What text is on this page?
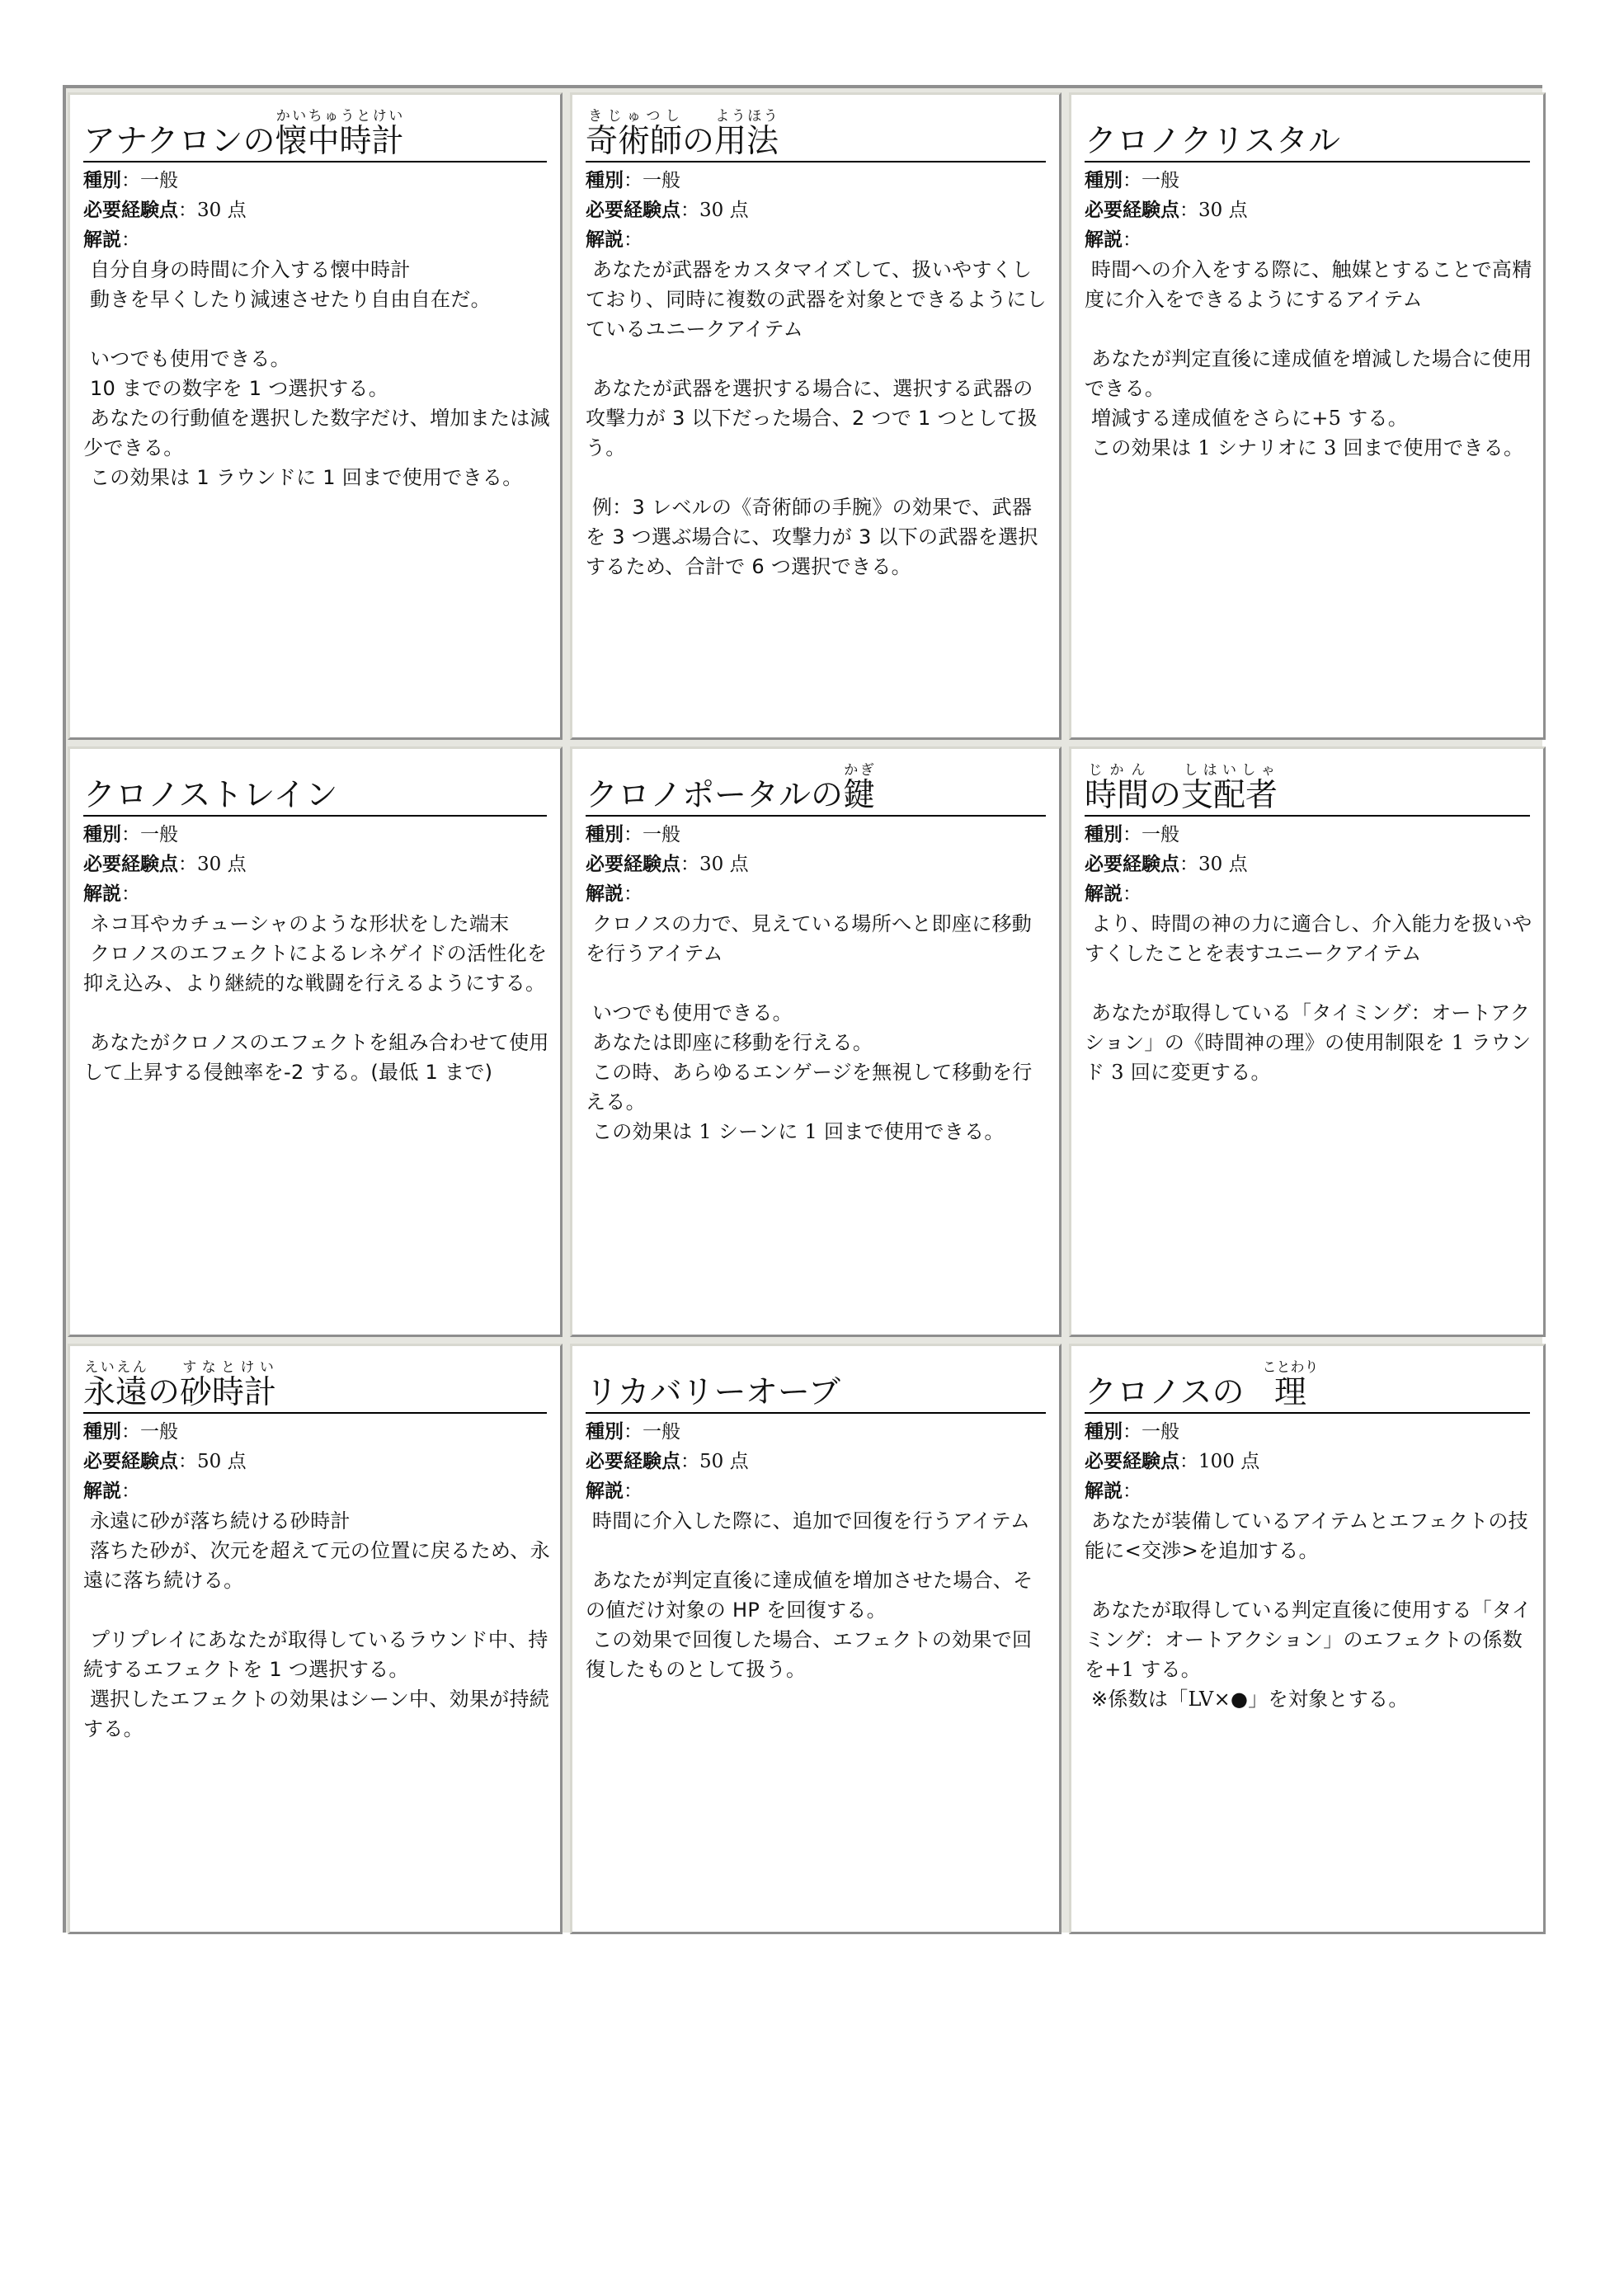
アナクロンの 懐中時計かいちゅうとけい
種別：一般
必要経験点：30 点
解説：

自分自身の時間に介入する懐中時計
動きを早くしたり減速させたり自由自在だ。

いつでも使用できる。
10 までの数字を 1 つ選択する。
あなたの行動値を選択した数字だけ、増加または減少できる。
この効果は 1 ラウンドに 1 回まで使用できる。

奇術師きじゅつし
の 用法ようほう
種別：一般
必要経験点：30 点
解説：

あなたが武器をカスタマイズして、扱いやすくしており、同時に複数の武器を対象とできるようにしているユニークアイテム

あなたが武器を選択する場合に、選択する武器の攻撃力が 3 以下だった場合、2 つで 1 つとして扱う。

例：3 レベルの《奇術師の手腕》の効果で、武器を 3 つ選ぶ場合に、攻撃力が 3 以下の武器を選択するため、合計で 6 つ選択できる。

クロノクリスタル
種別：一般
必要経験点：30 点
解説：

時間への介入をする際に、触媒とすることで高精度に介入をできるようにするアイテム

あなたが判定直後に達成値を増減した場合に使用できる。
増減する達成値をさらに+5 する。
この効果は 1 シナリオに 3 回まで使用できる。

クロノストレイン
種別：一般
必要経験点：30 点
解説：

ネコ耳やカチューシャのような形状をした端末
クロノスのエフェクトによるレネゲイドの活性化を抑え込み、より継続的な戦闘を行えるようにする。

あなたがクロノスのエフェクトを組み合わせて使用して上昇する侵蝕率を-2 する。(最低 1 まで)

クロノポータルの 鍵かぎ
種別：一般
必要経験点：30 点
解説：

クロノスの力で、見えている場所へと即座に移動を行うアイテム

いつでも使用できる。
あなたは即座に移動を行える。
この時、あらゆるエンゲージを無視して移動を行える。
この効果は 1 シーンに 1 回まで使用できる。

時間じかん
の 支配者しはいしゃ
種別：一般
必要経験点：30 点
解説：

より、時間の神の力に適合し、介入能力を扱いやすくしたことを表すユニークアイテム

あなたが取得している「タイミング：オートアクション」の《時間神の理》の使用制限を 1 ラウンド 3 回に変更する。

永遠えいえん
の 砂時計すなとけい
種別：一般
必要経験点：50 点
解説：

永遠に砂が落ち続ける砂時計
落ちた砂が、次元を超えて元の位置に戻るため、永遠に落ち続ける。

プリプレイにあなたが取得しているラウンド中、持続するエフェクトを 1 つ選択する。
選択したエフェクトの効果はシーン中、効果が持続する。

リカバリーオーブ
種別：一般
必要経験点：50 点
解説：

時間に介入した際に、追加で回復を行うアイテム

あなたが判定直後に達成値を増加させた場合、その値だけ対象の HP を回復する。
この効果で回復した場合、エフェクトの効果で回復したものとして扱う。

クロノスの 理ことわり
種別：一般
必要経験点：100 点
解説：

あなたが装備しているアイテムとエフェクトの技能に<交渉>を追加する。

あなたが取得している判定直後に使用する「タイミング：オートアクション」のエフェクトの係数を+1 する。
※係数は「LV×●」を対象とする。
